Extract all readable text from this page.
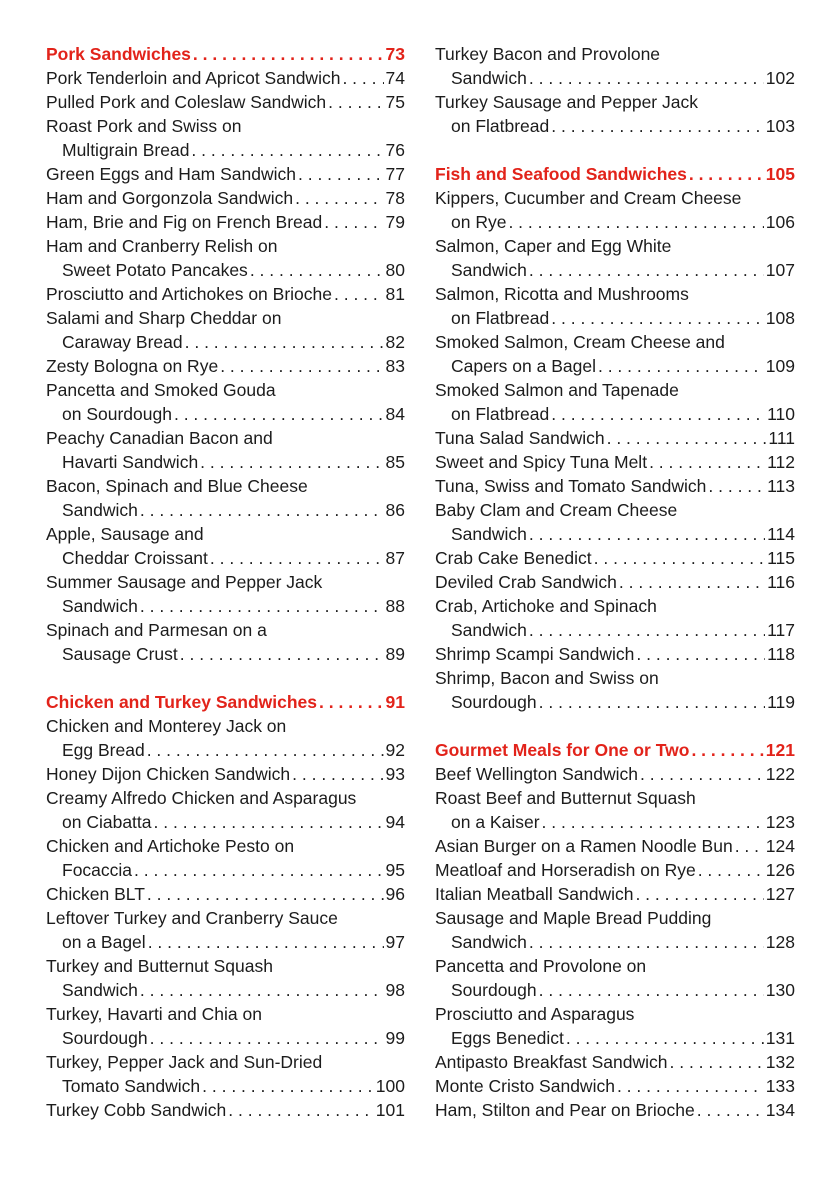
Pork Sandwiches . . .	73
Pork Tenderloin and Apricot Sandwich . . .	74
Pulled Pork and Coleslaw Sandwich . . .	75
Roast Pork and Swiss on
Multigrain Bread . . .	76
Green Eggs and Ham Sandwich . . .	77
Ham and Gorgonzola Sandwich . . .	78
Ham, Brie and Fig on French Bread . . .	79
Ham and Cranberry Relish on
Sweet Potato Pancakes . . .	80
Prosciutto and Artichokes on Brioche . . .	81
Salami and Sharp Cheddar on
Caraway Bread . . .	82
Zesty Bologna on Rye . . .	83
Pancetta and Smoked Gouda
on Sourdough . . .	84
Peachy Canadian Bacon and
Havarti Sandwich . . .	85
Bacon, Spinach and Blue Cheese
Sandwich . . .	86
Apple, Sausage and
Cheddar Croissant . . .	87
Summer Sausage and Pepper Jack
Sandwich . . .	88
Spinach and Parmesan on a
Sausage Crust . . .	89
Chicken and Turkey Sandwiches . . .	91
Chicken and Monterey Jack on
Egg Bread . . .	92
Honey Dijon Chicken Sandwich . . .	93
Creamy Alfredo Chicken and Asparagus
on Ciabatta . . .	94
Chicken and Artichoke Pesto on
Focaccia . . .	95
Chicken BLT . . .	96
Leftover Turkey and Cranberry Sauce
on a Bagel . . .	97
Turkey and Butternut Squash
Sandwich . . .	98
Turkey, Havarti and Chia on
Sourdough . . .	99
Turkey, Pepper Jack and Sun-Dried
Tomato Sandwich . . .	100
Turkey Cobb Sandwich . . .	101
Turkey Bacon and Provolone
Sandwich . . .	102
Turkey Sausage and Pepper Jack
on Flatbread . . .	103
Fish and Seafood Sandwiches . . .	105
Kippers, Cucumber and Cream Cheese
on Rye . . .	106
Salmon, Caper and Egg White
Sandwich . . .	107
Salmon, Ricotta and Mushrooms
on Flatbread . . .	108
Smoked Salmon, Cream Cheese and
Capers on a Bagel . . .	109
Smoked Salmon and Tapenade
on Flatbread . . .	110
Tuna Salad Sandwich . . .	111
Sweet and Spicy Tuna Melt . . .	112
Tuna, Swiss and Tomato Sandwich . . .	113
Baby Clam and Cream Cheese
Sandwich . . .	114
Crab Cake Benedict . . .	115
Deviled Crab Sandwich . . .	116
Crab, Artichoke and Spinach
Sandwich . . .	117
Shrimp Scampi Sandwich . . .	118
Shrimp, Bacon and Swiss on
Sourdough . . .	119
Gourmet Meals for One or Two . . .	121
Beef Wellington Sandwich . . .	122
Roast Beef and Butternut Squash
on a Kaiser . . .	123
Asian Burger on a Ramen Noodle Bun . . . 124
Meatloaf and Horseradish on Rye . . .	126
Italian Meatball Sandwich . . .	127
Sausage and Maple Bread Pudding
Sandwich . . .	128
Pancetta and Provolone on
Sourdough . . .	130
Prosciutto and Asparagus
Eggs Benedict . . .	131
Antipasto Breakfast Sandwich . . .	132
Monte Cristo Sandwich . . .	133
Ham, Stilton and Pear on Brioche . . .	134
